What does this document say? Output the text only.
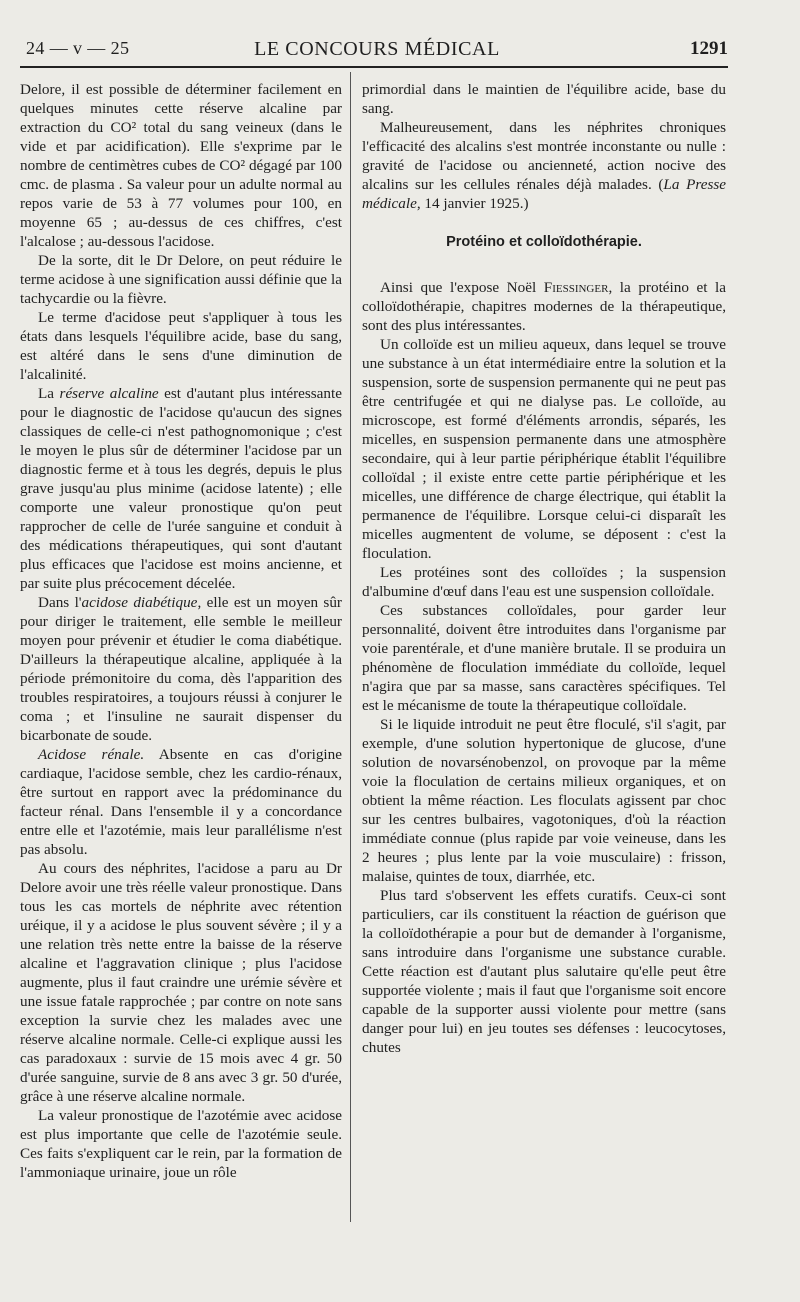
24 — v — 25	LE CONCOURS MÉDICAL	1291

Delore, il est possible de déterminer facilement en quelques minutes cette réserve alcaline par extraction du CO² total du sang veineux (dans le vide et par acidification). Elle s'exprime par le nombre de centimètres cubes de CO² dégagé par 100 cmc. de plasma . Sa valeur pour un adulte normal au repos varie de 53 à 77 volumes pour 100, en moyenne 65 ; au-dessus de ces chiffres, c'est l'alcalose ; au-dessous l'acidose.

De la sorte, dit le Dr Delore, on peut réduire le terme acidose à une signification aussi définie que la tachycardie ou la fièvre.

Le terme d'acidose peut s'appliquer à tous les états dans lesquels l'équilibre acide, base du sang, est altéré dans le sens d'une diminution de l'alcalinité.

La réserve alcaline est d'autant plus intéressante pour le diagnostic de l'acidose qu'aucun des signes classiques de celle-ci n'est pathognomonique ; c'est le moyen le plus sûr de déterminer l'acidose par un diagnostic ferme et à tous les degrés, depuis le plus grave jusqu'au plus minime (acidose latente) ; elle comporte une valeur pronostique qu'on peut rapprocher de celle de l'urée sanguine et conduit à des médications thérapeutiques, qui sont d'autant plus efficaces que l'acidose est moins ancienne, et par suite plus précocement décelée.

Dans l'acidose diabétique, elle est un moyen sûr pour diriger le traitement, elle semble le meilleur moyen pour prévenir et étudier le coma diabétique. D'ailleurs la thérapeutique alcaline, appliquée à la période prémonitoire du coma, dès l'apparition des troubles respiratoires, a toujours réussi à conjurer le coma ; et l'insuline ne saurait dispenser du bicarbonate de soude.

Acidose rénale. Absente en cas d'origine cardiaque, l'acidose semble, chez les cardio-rénaux, être surtout en rapport avec la prédominance du facteur rénal. Dans l'ensemble il y a concordance entre elle et l'azotémie, mais leur parallélisme n'est pas absolu.

Au cours des néphrites, l'acidose a paru au Dr Delore avoir une très réelle valeur pronostique. Dans tous les cas mortels de néphrite avec rétention uréique, il y a acidose le plus souvent sévère ; il y a une relation très nette entre la baisse de la réserve alcaline et l'aggravation clinique ; plus l'acidose augmente, plus il faut craindre une urémie sévère et une issue fatale rapprochée ; par contre on note sans exception la survie chez les malades avec une réserve alcaline normale. Celle-ci explique aussi les cas paradoxaux : survie de 15 mois avec 4 gr. 50 d'urée sanguine, survie de 8 ans avec 3 gr. 50 d'urée, grâce à une réserve alcaline normale.

La valeur pronostique de l'azotémie avec acidose est plus importante que celle de l'azotémie seule. Ces faits s'expliquent car le rein, par la formation de l'ammoniaque urinaire, joue un rôle

primordial dans le maintien de l'équilibre acide, base du sang.

Malheureusement, dans les néphrites chroniques l'efficacité des alcalins s'est montrée inconstante ou nulle : gravité de l'acidose ou ancienneté, action nocive des alcalins sur les cellules rénales déjà malades. (La Presse médicale, 14 janvier 1925.)

Protéino et colloïdothérapie.

Ainsi que l'expose Noël Fiessinger, la protéino et la colloïdothérapie, chapitres modernes de la thérapeutique, sont des plus intéressantes.

Un colloïde est un milieu aqueux, dans lequel se trouve une substance à un état intermédiaire entre la solution et la suspension, sorte de suspension permanente qui ne peut pas être centrifugée et qui ne dialyse pas. Le colloïde, au microscope, est formé d'éléments arrondis, séparés, les micelles, en suspension permanente dans une atmosphère secondaire, qui à leur partie périphérique établit l'équilibre colloïdal ; il existe entre cette partie périphérique et les micelles, une différence de charge électrique, qui établit la permanence de l'équilibre. Lorsque celui-ci disparaît les micelles augmentent de volume, se déposent : c'est la floculation.

Les protéines sont des colloïdes ; la suspension d'albumine d'œuf dans l'eau est une suspension colloïdale.

Ces substances colloïdales, pour garder leur personnalité, doivent être introduites dans l'organisme par voie parentérale, et d'une manière brutale. Il se produira un phénomène de floculation immédiate du colloïde, lequel n'agira que par sa masse, sans caractères spécifiques. Tel est le mécanisme de toute la thérapeutique colloïdale.

Si le liquide introduit ne peut être floculé, s'il s'agit, par exemple, d'une solution hypertonique de glucose, d'une solution de novarsénobenzol, on provoque par la même voie la floculation de certains milieux organiques, et on obtient la même réaction. Les floculats agissent par choc sur les centres bulbaires, vagotoniques, d'où la réaction immédiate connue (plus rapide par voie veineuse, dans les 2 heures ; plus lente par la voie musculaire) : frisson, malaise, quintes de toux, diarrhée, etc.

Plus tard s'observent les effets curatifs. Ceux-ci sont particuliers, car ils constituent la réaction de guérison que la colloïdothérapie a pour but de demander à l'organisme, sans introduire dans l'organisme une substance curable. Cette réaction est d'autant plus salutaire qu'elle peut être supportée violente ; mais il faut que l'organisme soit encore capable de la supporter aussi violente pour mettre (sans danger pour lui) en jeu toutes ses défenses : leucocytoses, chutes
